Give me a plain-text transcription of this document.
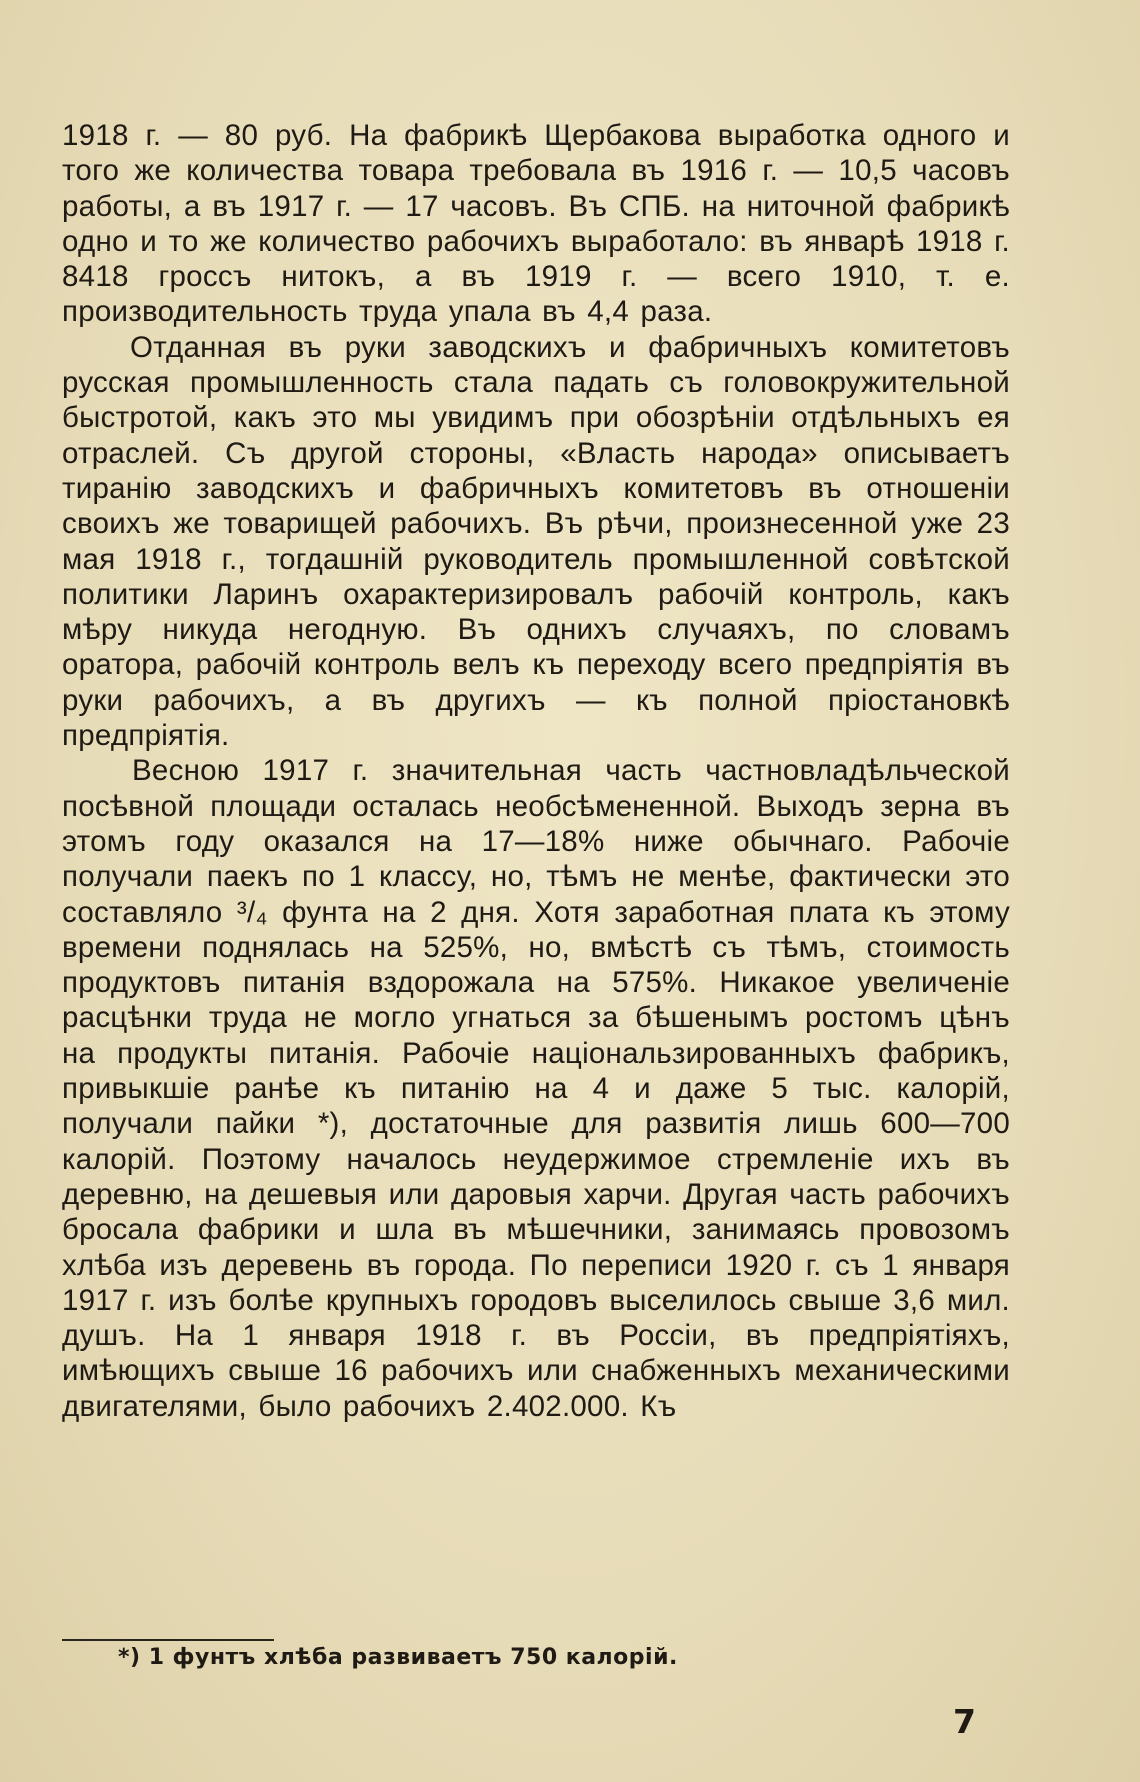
1918 г. — 80 руб. На фабрикѣ Щербакова выработка одного и того же количества товара требовала въ 1916 г. — 10,5 часовъ работы, а въ 1917 г. — 17 часовъ. Въ СПБ. на ниточной фабрикѣ одно и то же количество рабочихъ выработало: въ январѣ 1918 г. 8418 гроссъ нитокъ, а въ 1919 г. — всего 1910, т. е. производительность труда упала въ 4,4 раза.

Отданная въ руки заводскихъ и фабричныхъ комитетовъ русская промышленность стала падать съ головокружительной быстротой, какъ это мы увидимъ при обозрѣніи отдѣльныхъ ея отраслей. Съ другой стороны, «Власть народа» описываетъ тиранію заводскихъ и фабричныхъ комитетовъ въ отношеніи своихъ же товарищей рабочихъ. Въ рѣчи, произнесенной уже 23 мая 1918 г., тогдашній руководитель промышленной совѣтской политики Ларинъ охарактеризировалъ рабочій контроль, какъ мѣру никуда негодную. Въ однихъ случаяхъ, по словамъ оратора, рабочій контроль велъ къ переходу всего предпріятія въ руки рабочихъ, а въ другихъ — къ полной пріостановкѣ предпріятія.

Весною 1917 г. значительная часть частновладѣльческой посѣвной площади осталась необсѣмененной. Выходъ зерна въ этомъ году оказался на 17—18% ниже обычнаго. Рабочіе получали паекъ по 1 классу, но, тѣмъ не менѣе, фактически это составляло ³/₄ фунта на 2 дня. Хотя заработная плата къ этому времени поднялась на 525%, но, вмѣстѣ съ тѣмъ, стоимость продуктовъ питанія вздорожала на 575%. Никакое увеличеніе расцѣнки труда не могло угнаться за бѣшенымъ ростомъ цѣнъ на продукты питанія. Рабочіе національзированныхъ фабрикъ, привыкшіе ранѣе къ питанію на 4 и даже 5 тыс. калорій, получали пайки *), достаточные для развитія лишь 600—700 калорій. Поэтому началось неудержимое стремленіе ихъ въ деревню, на дешевыя или даровыя харчи. Другая часть рабочихъ бросала фабрики и шла въ мѣшечники, занимаясь провозомъ хлѣба изъ деревень въ города. По переписи 1920 г. съ 1 января 1917 г. изъ болѣе крупныхъ городовъ выселилось свыше 3,6 мил. душъ. На 1 января 1918 г. въ Россіи, въ предпріятіяхъ, имѣющихъ свыше 16 рабочихъ или снабженныхъ механическими двигателями, было рабочихъ 2.402.000. Къ

*) 1 фунтъ хлѣба развиваетъ 750 калорій.
7
